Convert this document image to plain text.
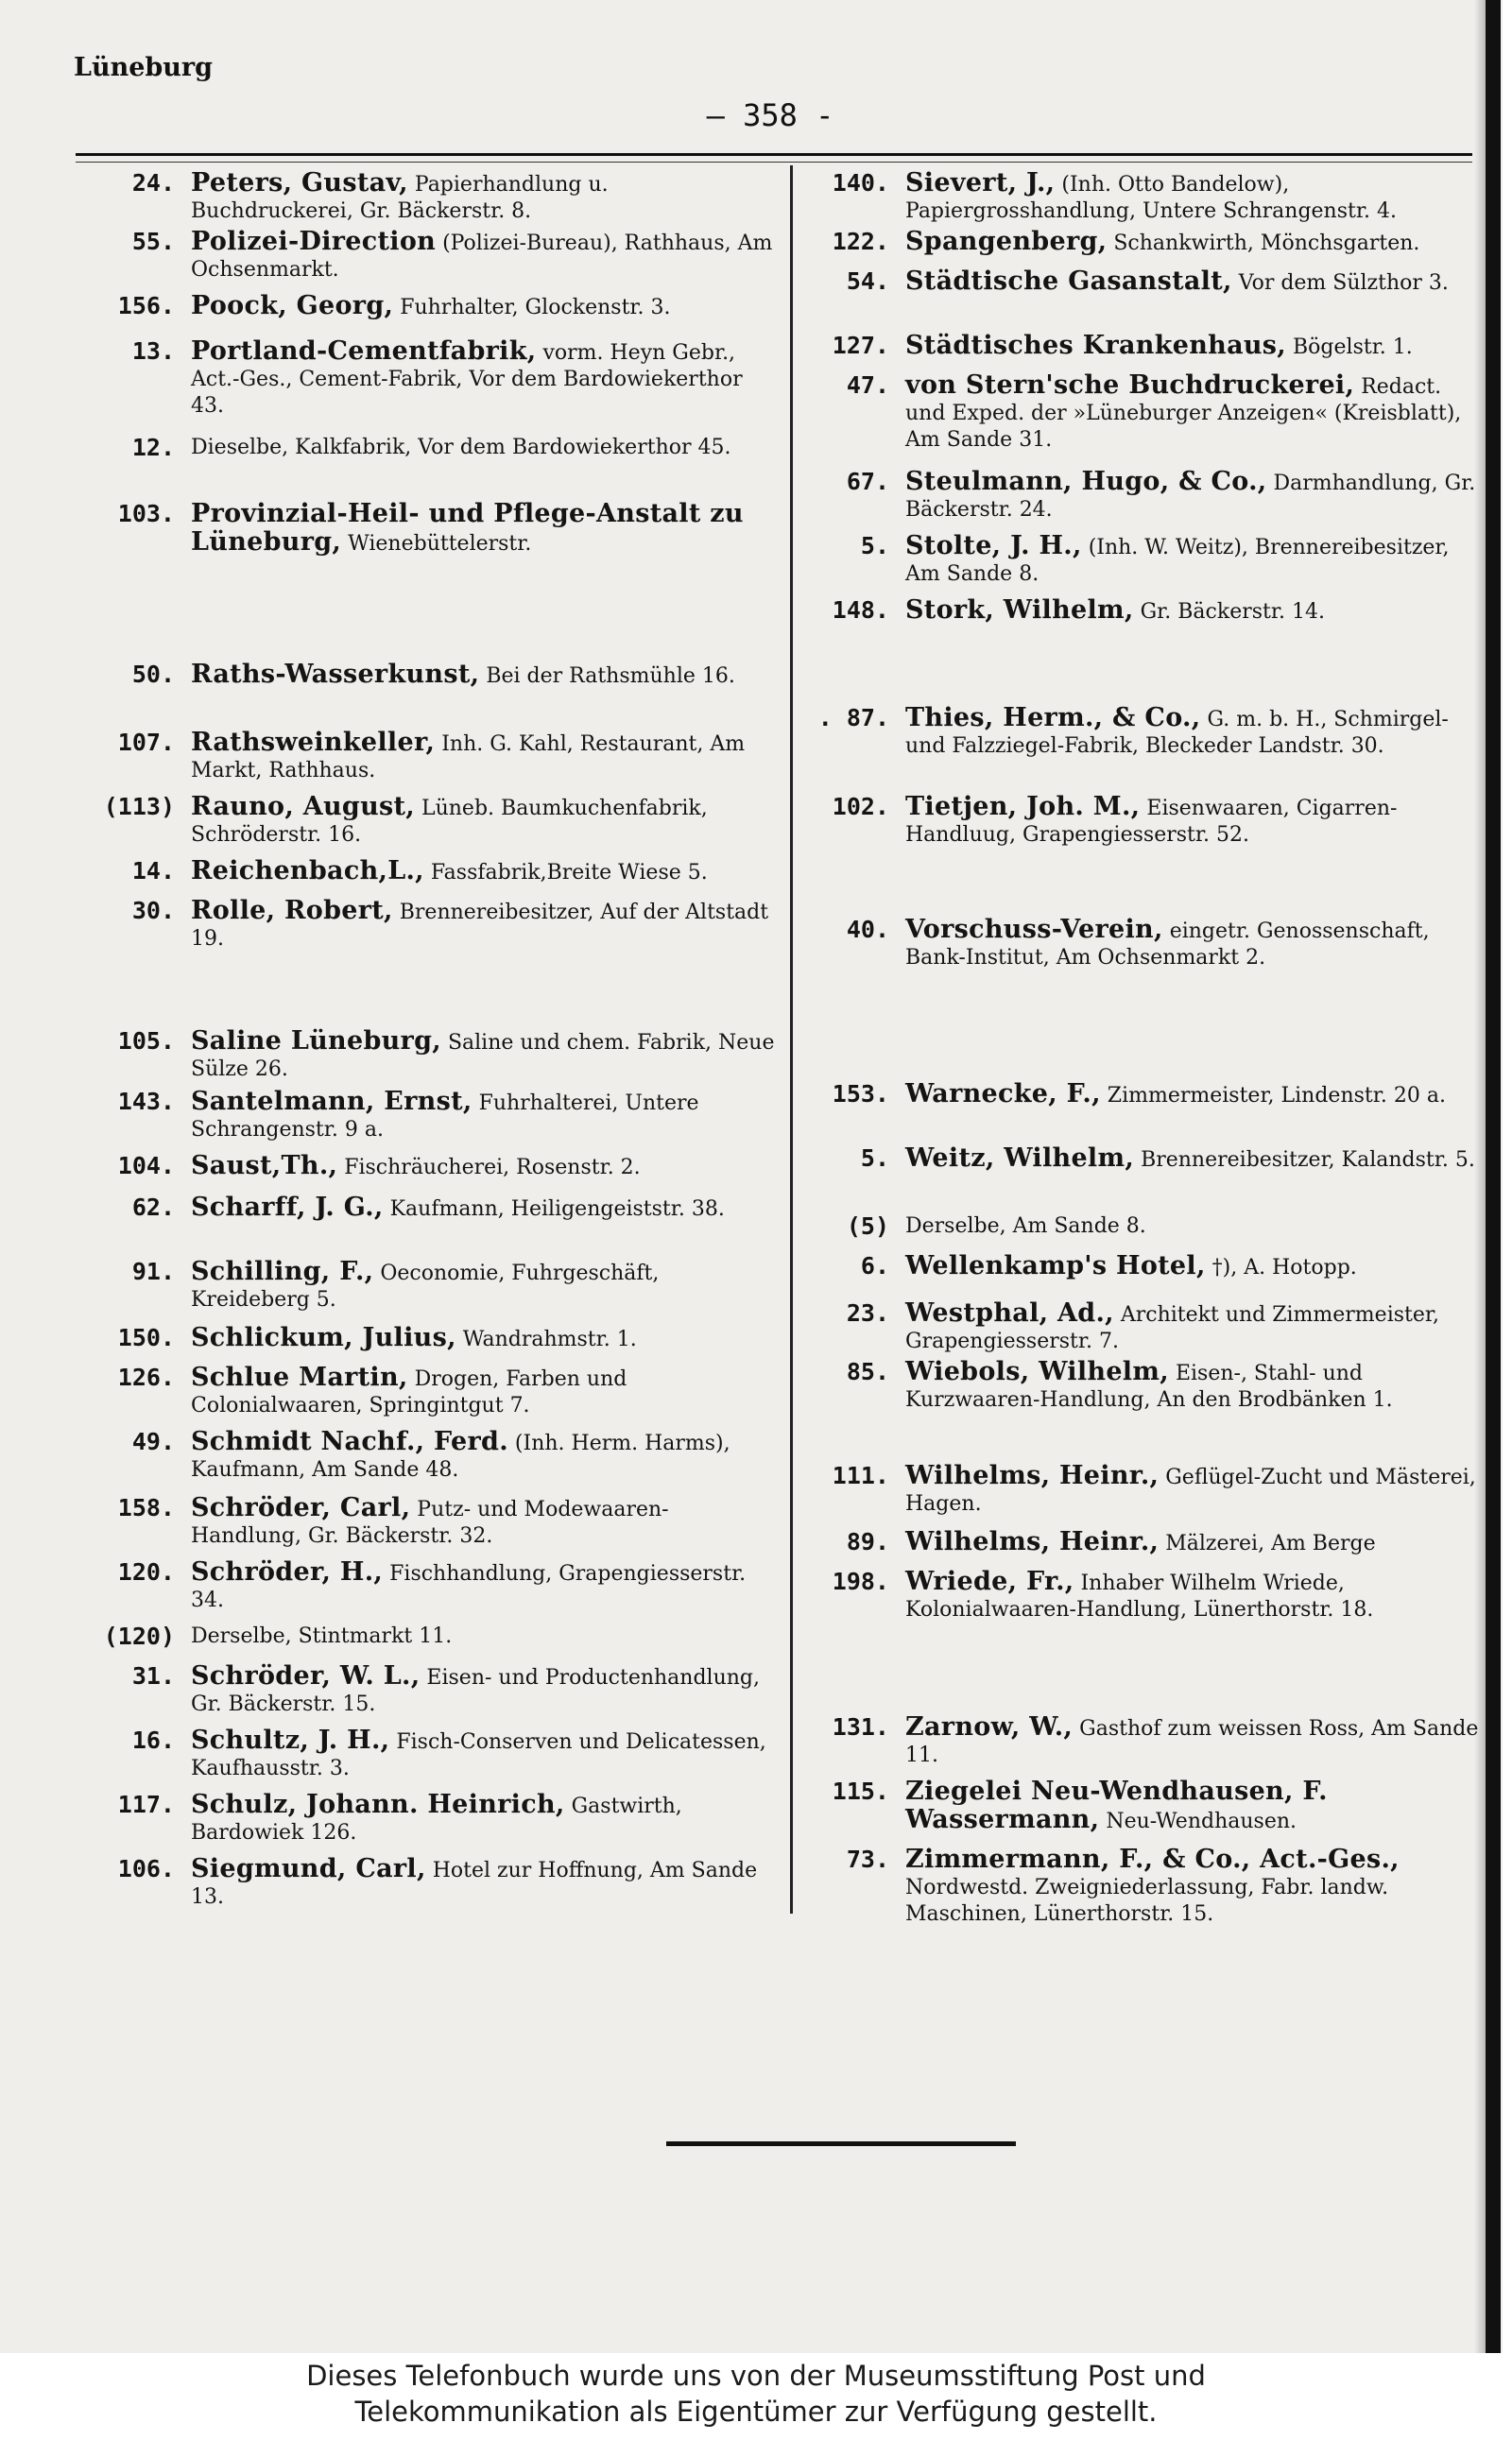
Lüneburg
— 358 -
24. Peters, Gustav, Papierhandlung u. Buchdruckerei, Gr. Bäckerstr. 8.
55. Polizei-Direction (Polizei-Bureau), Rathhaus, Am Ochsenmarkt.
156. Poock, Georg, Fuhrhalter, Glockenstr. 3.
13. Portland-Cementfabrik, vorm. Heyn Gebr., Act.-Ges., Cement-Fabrik, Vor dem Bardowiekerthor 43.
12. Dieselbe, Kalkfabrik, Vor dem Bardowiekerthor 45.
103. Provinzial-Heil- und Pflege-Anstalt zu Lüneburg, Wienebüttelerstr.
50. Raths-Wasserkunst, Bei der Rathsmühle 16.
107. Rathsweinkeller, Inh. G. Kahl, Restaurant, Am Markt, Rathhaus.
(113) Rauno, August, Lüneb. Baumkuchenfabrik, Schröderstr. 16.
14. Reichenbach,L., Fassfabrik,Breite Wiese 5.
30. Rolle, Robert, Brennereibesitzer, Auf der Altstadt 19.
105. Saline Lüneburg, Saline und chem. Fabrik, Neue Sülze 26.
143. Santelmann, Ernst, Fuhrhalterei, Untere Schrangenstr. 9 a.
104. Saust,Th., Fischräucherei, Rosenstr. 2.
62. Scharff, J. G., Kaufmann, Heiligengeiststr. 38.
91. Schilling, F., Oeconomie, Fuhrgeschäft, Kreideberg 5.
150. Schlickum, Julius, Wandrahmstr. 1.
126. Schlue Martin, Drogen, Farben und Colonialwaaren, Springintgut 7.
49. Schmidt Nachf., Ferd. (Inh. Herm. Harms), Kaufmann, Am Sande 48.
158. Schröder, Carl, Putz- und Modewaaren-Handlung, Gr. Bäckerstr. 32.
120. Schröder, H., Fischhandlung, Grapengiesserstr. 34.
(120) Derselbe, Stintmarkt 11.
31. Schröder, W. L., Eisen- und Productenhandlung, Gr. Bäckerstr. 15.
16. Schultz, J. H., Fisch-Conserven und Delicatessen, Kaufhausstr. 3.
117. Schulz, Johann. Heinrich, Gastwirth, Bardowiek 126.
106. Siegmund, Carl, Hotel zur Hoffnung, Am Sande 13.
140. Sievert, J., (Inh. Otto Bandelow), Papiergrosshandlung, Untere Schrangenstr. 4.
122. Spangenberg, Schankwirth, Mönchsgarten.
54. Städtische Gasanstalt, Vor dem Sülzthor 3.
127. Städtisches Krankenhaus, Bögelstr. 1.
47. von Stern'sche Buchdruckerei, Redact. und Exped. der »Lüneburger Anzeigen« (Kreisblatt), Am Sande 31.
67. Steulmann, Hugo, & Co., Darmhandlung, Gr. Bäckerstr. 24.
5. Stolte, J. H., (Inh. W. Weitz), Brennereibesitzer, Am Sande 8.
148. Stork, Wilhelm, Gr. Bäckerstr. 14.
. 87. Thies, Herm., & Co., G. m. b. H., Schmirgel- und Falzziegel-Fabrik, Bleckeder Landstr. 30.
102. Tietjen, Joh. M., Eisenwaaren, Cigarren-Handluug, Grapengiesserstr. 52.
40. Vorschuss-Verein, eingetr. Genossenschaft, Bank-Institut, Am Ochsenmarkt 2.
153. Warnecke, F., Zimmermeister, Lindenstr. 20 a.
5. Weitz, Wilhelm, Brennereibesitzer, Kalandstr. 5.
(5) Derselbe, Am Sande 8.
6. Wellenkamp's Hotel, †), A. Hotopp.
23. Westphal, Ad., Architekt und Zimmermeister, Grapengiesserstr. 7.
85. Wiebols, Wilhelm, Eisen-, Stahl- und Kurzwaaren-Handlung, An den Brodbänken 1.
111. Wilhelms, Heinr., Geflügel-Zucht und Mästerei, Hagen.
89. Wilhelms, Heinr., Mälzerei, Am Berge
198. Wriede, Fr., Inhaber Wilhelm Wriede, Kolonialwaaren-Handlung, Lünerthorstr. 18.
131. Zarnow, W., Gasthof zum weissen Ross, Am Sande 11.
115. Ziegelei Neu-Wendhausen, F. Wassermann, Neu-Wendhausen.
73. Zimmermann, F., & Co., Act.-Ges., Nordwestd. Zweigniederlassung, Fabr. landw. Maschinen, Lünerthorstr. 15.
Dieses Telefonbuch wurde uns von der Museumsstiftung Post und
Telekommunikation als Eigentümer zur Verfügung gestellt.
